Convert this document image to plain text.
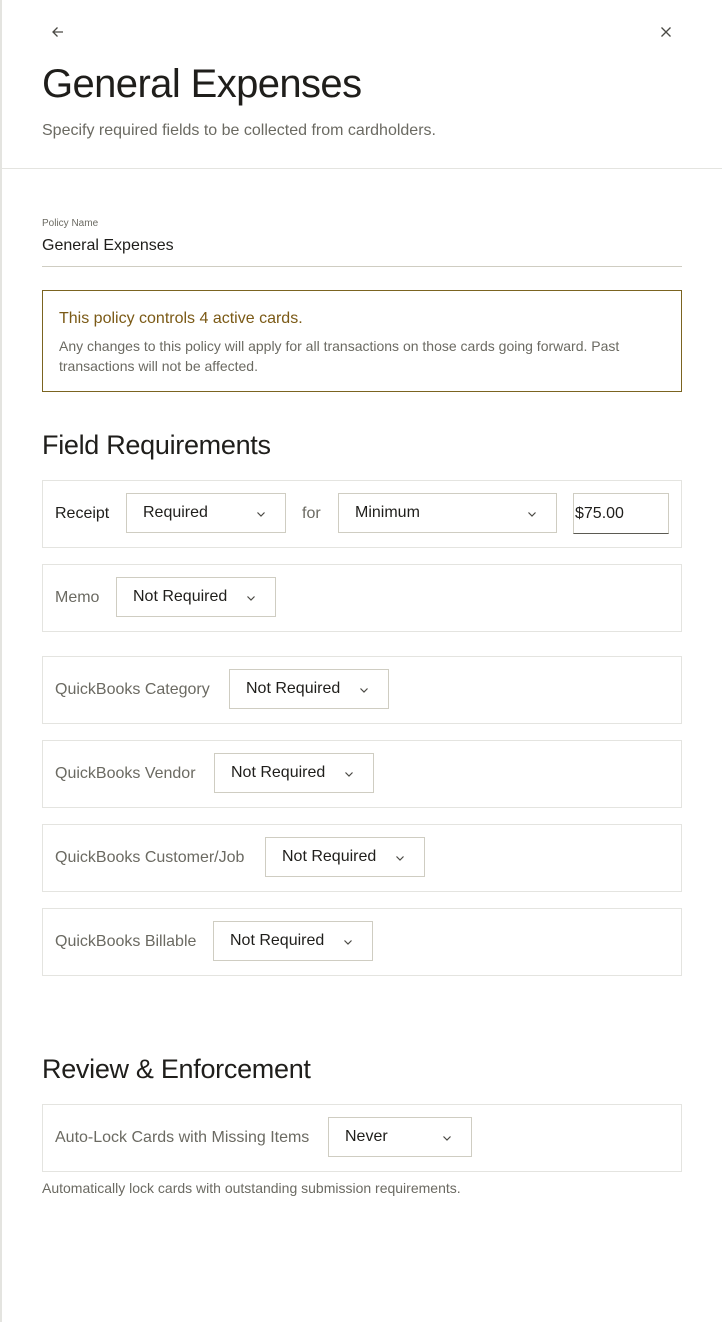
General Expenses

Specify required fields to be collected from cardholders.

Policy Name
General Expenses
This policy controls 4 active cards.
Any changes to this policy will apply for all transactions on those cards going forward. Past transactions will not be affected.
Field Requirements
Receipt Required	for Minimum
$75.00
Memo Not Required
QuickBooks Category Not Required
QuickBooks Vendor Not Required
QuickBooks Customer/Job Not Required
QuickBooks Billable Not Required
Review & Enforcement
Auto-Lock Cards with Missing Items Never
Automatically lock cards with outstanding submission requirements.
